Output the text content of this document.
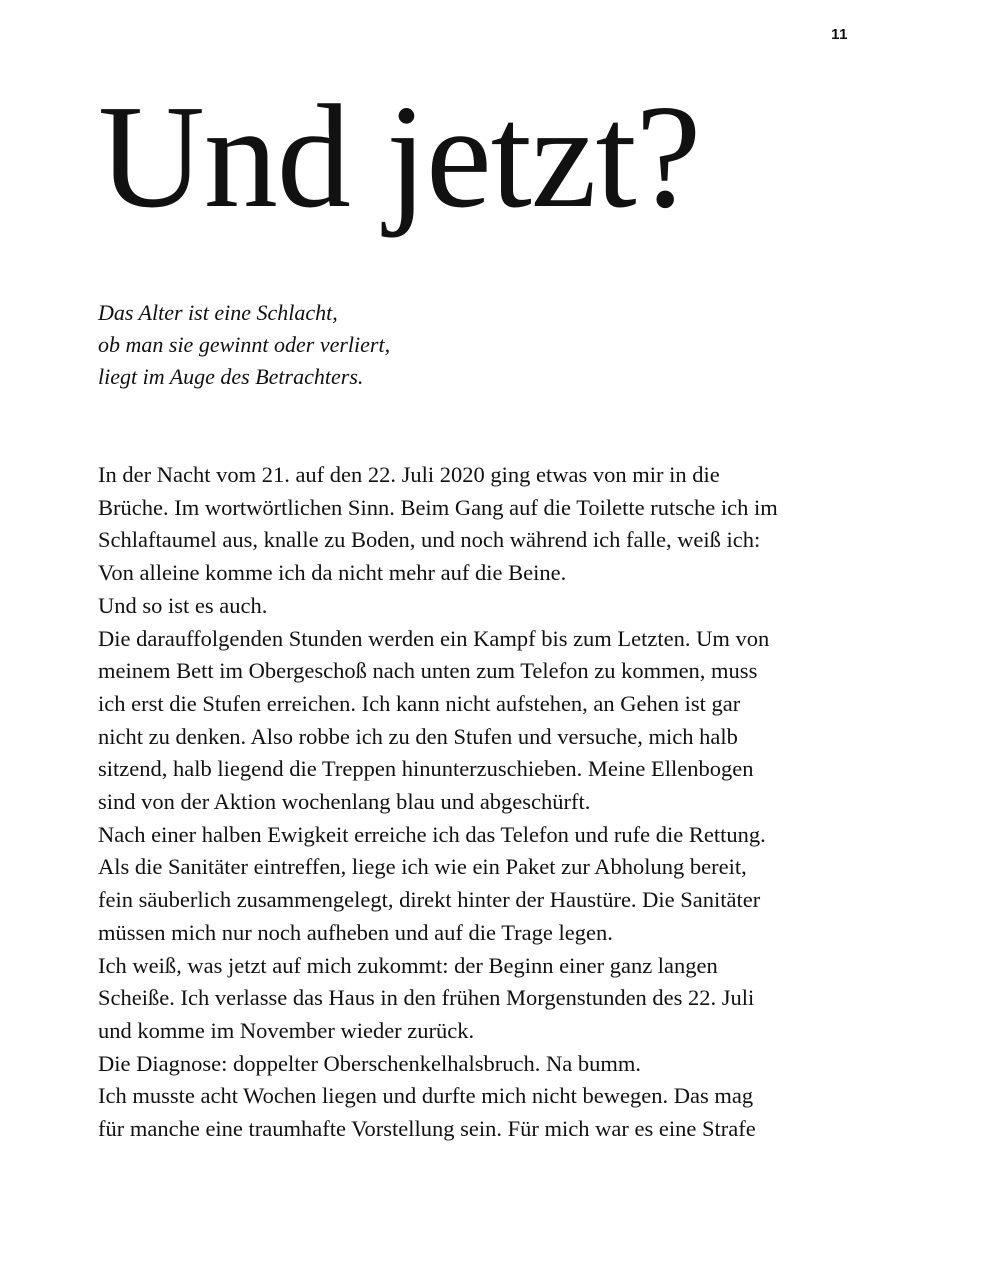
11
Und jetzt?
Das Alter ist eine Schlacht,
ob man sie gewinnt oder verliert,
liegt im Auge des Betrachters.
In der Nacht vom 21. auf den 22. Juli 2020 ging etwas von mir in die
Brüche. Im wortwörtlichen Sinn. Beim Gang auf die Toilette rutsche ich im
Schlaftaumel aus, knalle zu Boden, und noch während ich falle, weiß ich:
Von alleine komme ich da nicht mehr auf die Beine.
Und so ist es auch.
Die darauffolgenden Stunden werden ein Kampf bis zum Letzten. Um von
meinem Bett im Obergeschoß nach unten zum Telefon zu kommen, muss
ich erst die Stufen erreichen. Ich kann nicht aufstehen, an Gehen ist gar
nicht zu denken. Also robbe ich zu den Stufen und versuche, mich halb
sitzend, halb liegend die Treppen hinunterzuschieben. Meine Ellenbogen
sind von der Aktion wochenlang blau und abgeschürft.
Nach einer halben Ewigkeit erreiche ich das Telefon und rufe die Rettung.
Als die Sanitäter eintreffen, liege ich wie ein Paket zur Abholung bereit,
fein säuberlich zusammengelegt, direkt hinter der Haustüre. Die Sanitäter
müssen mich nur noch aufheben und auf die Trage legen.
Ich weiß, was jetzt auf mich zukommt: der Beginn einer ganz langen
Scheiße. Ich verlasse das Haus in den frühen Morgenstunden des 22. Juli
und komme im November wieder zurück.
Die Diagnose: doppelter Oberschenkelhalsbruch. Na bumm.
Ich musste acht Wochen liegen und durfte mich nicht bewegen. Das mag
für manche eine traumhafte Vorstellung sein. Für mich war es eine Strafe
